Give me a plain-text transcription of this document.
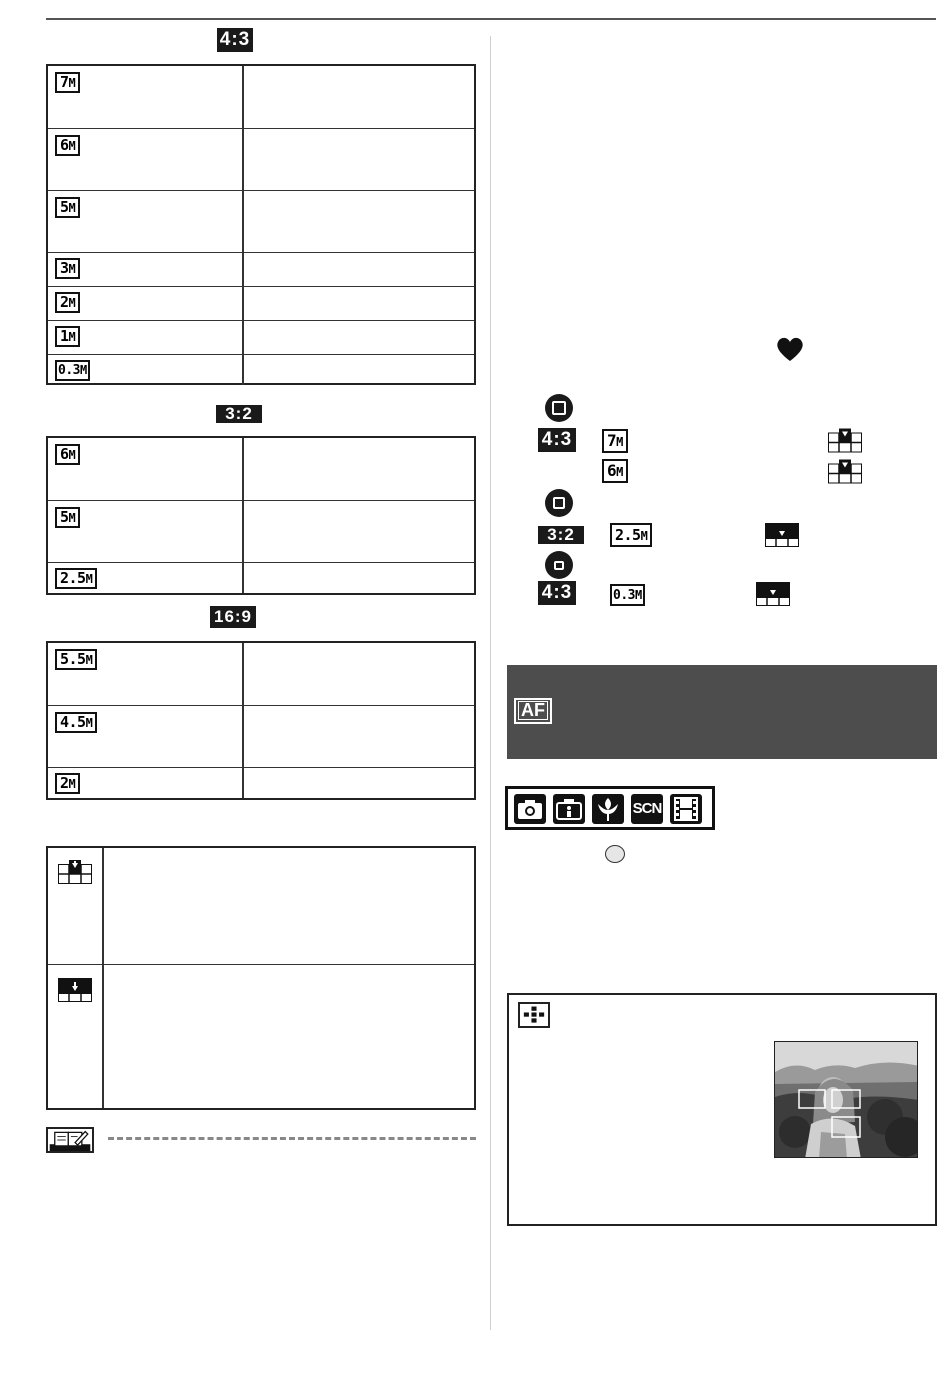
4:3
7M
6M
5M
3M
2M
1M
0.3M
3:2
6M
5M
2.5M
16:9
5.5M
4.5M
2M
4:3	7M
6M
3:2	2.5M
4:3	0.3M
AF
SCN
